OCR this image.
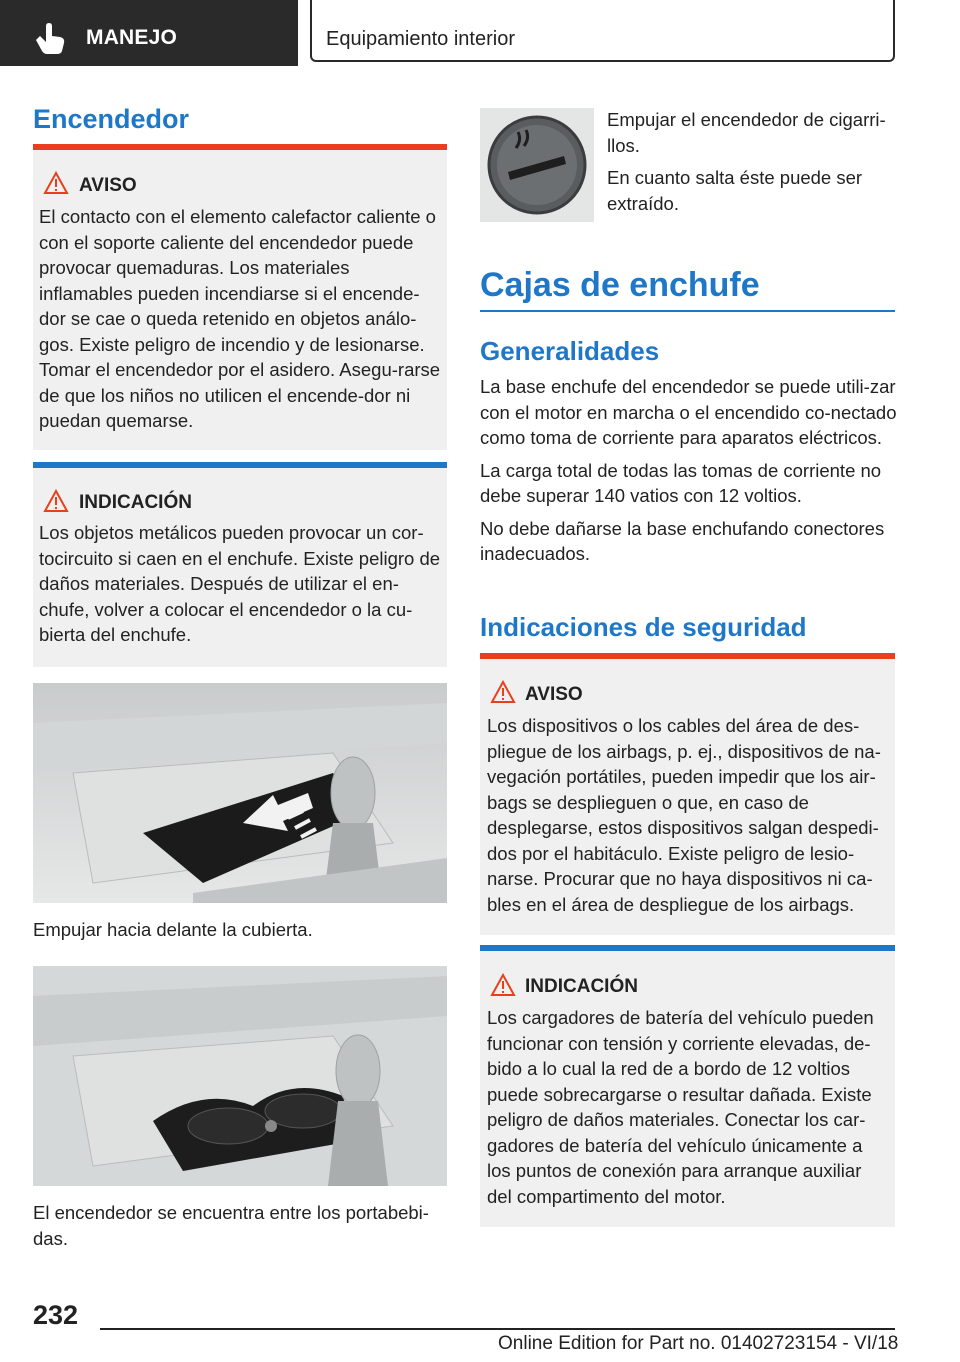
MANEJO	Equipamiento interior
Encendedor
AVISO
El contacto con el elemento calefactor caliente o con el soporte caliente del encendedor puede provocar quemaduras. Los materiales inflamables pueden incendiarse si el encende-dor se cae o queda retenido en objetos análo-gos. Existe peligro de incendio y de lesionarse. Tomar el encendedor por el asidero. Asegu-rarse de que los niños no utilicen el encende-dor ni puedan quemarse.
INDICACIÓN
Los objetos metálicos pueden provocar un cor-tocircuito si caen en el enchufe. Existe peligro de daños materiales. Después de utilizar el en-chufe, volver a colocar el encendedor o la cu-bierta del enchufe.
Empujar hacia delante la cubierta.
El encendedor se encuentra entre los portabebi-das.

Empujar el encendedor de cigarri-llos.

En cuanto salta éste puede ser extraído.

Cajas de enchufe
Generalidades

La base enchufe del encendedor se puede utili-zar con el motor en marcha o el encendido co-nectado como toma de corriente para aparatos eléctricos.

La carga total de todas las tomas de corriente no debe superar 140 vatios con 12 voltios.

No debe dañarse la base enchufando conectores inadecuados.

Indicaciones de seguridad
AVISO
Los dispositivos o los cables del área de des-pliegue de los airbags, p. ej., dispositivos de na-vegación portátiles, pueden impedir que los air-bags se desplieguen o que, en caso de desplegarse, estos dispositivos salgan despedi-dos por el habitáculo. Existe peligro de lesio-narse. Procurar que no haya dispositivos ni ca-bles en el área de despliegue de los airbags.
INDICACIÓN
Los cargadores de batería del vehículo pueden funcionar con tensión y corriente elevadas, de-bido a lo cual la red de a bordo de 12 voltios puede sobrecargarse o resultar dañada. Existe peligro de daños materiales. Conectar los car-gadores de batería del vehículo únicamente a los puntos de conexión para arranque auxiliar del compartimento del motor.
232
Online Edition for Part no. 01402723154 - VI/18
